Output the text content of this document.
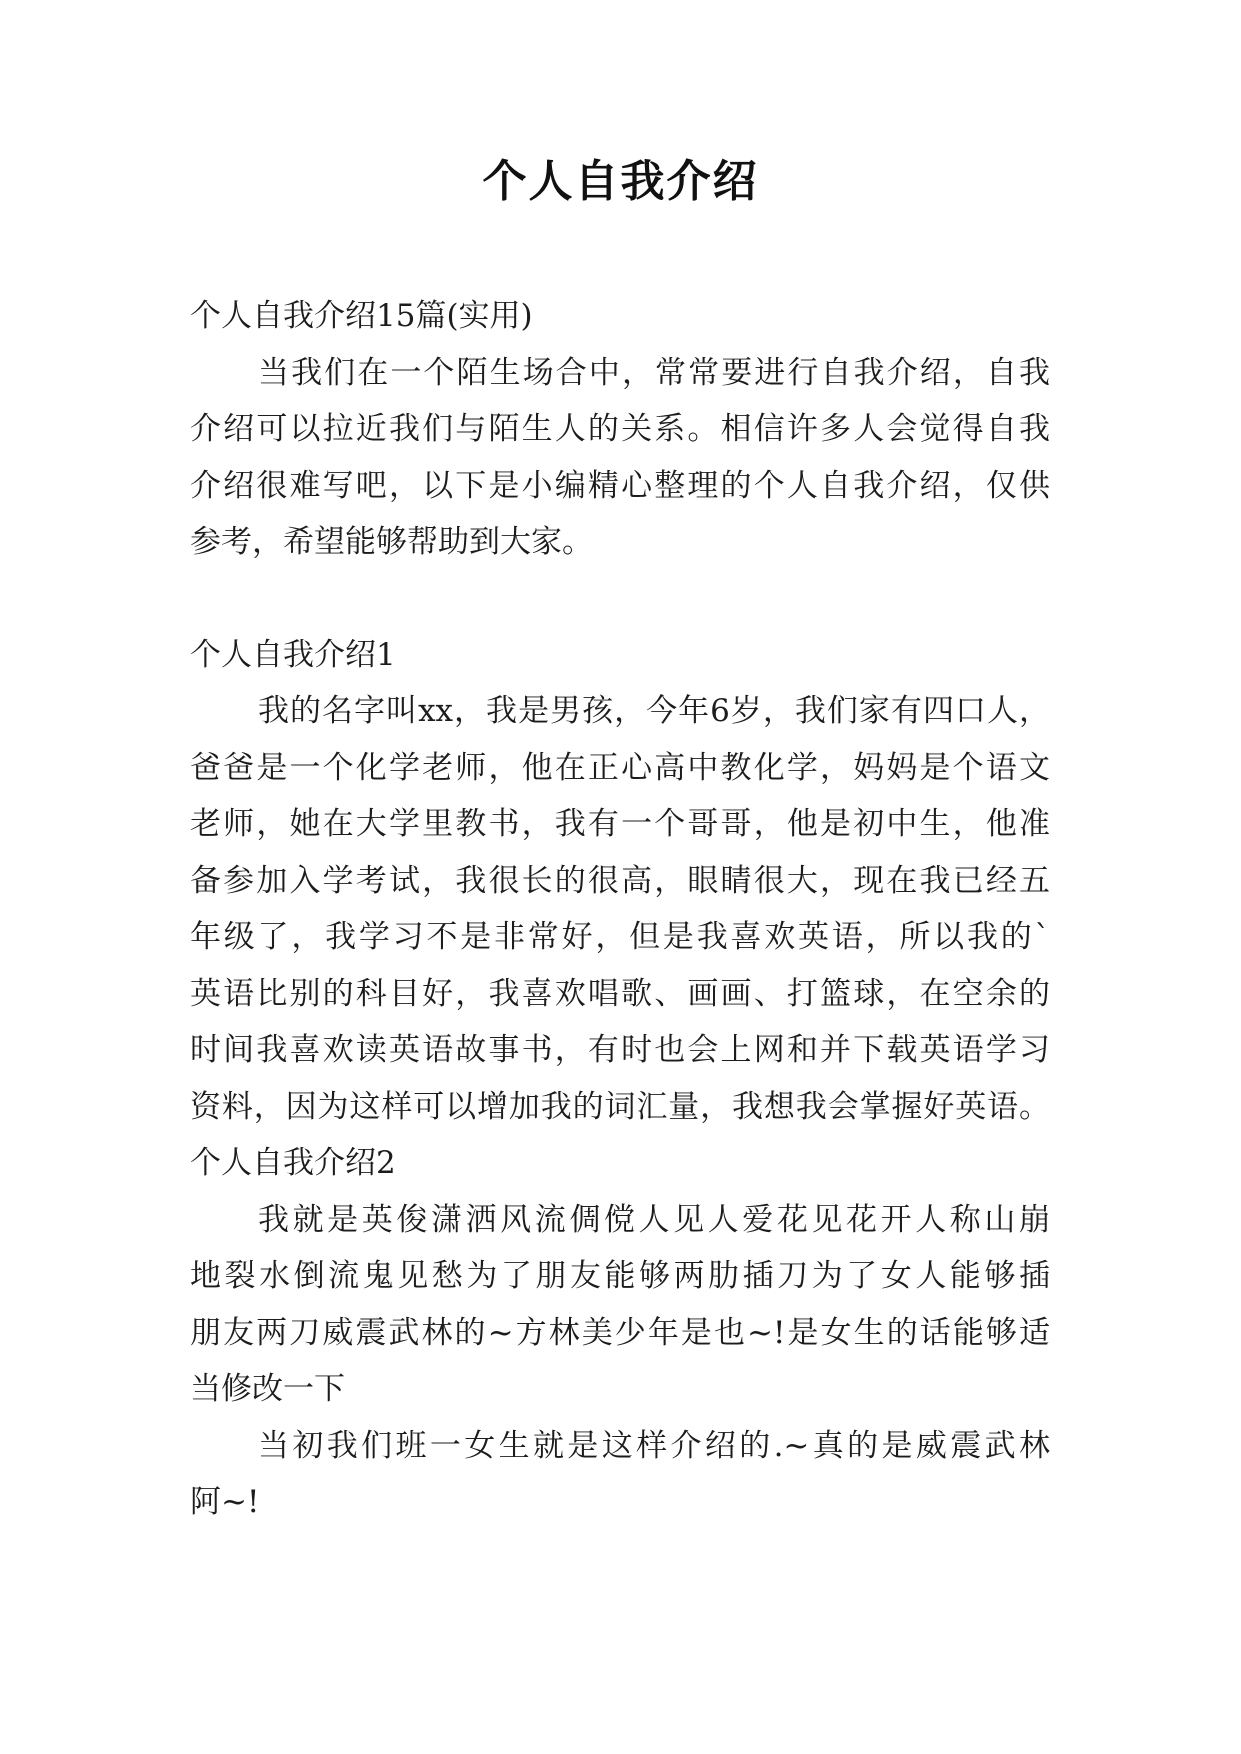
个人自我介绍
个人自我介绍15篇(实用)
当我们在一个陌生场合中，常常要进行自我介绍，自我
介绍可以拉近我们与陌生人的关系。相信许多人会觉得自我
介绍很难写吧，以下是小编精心整理的个人自我介绍，仅供
参考，希望能够帮助到大家。
个人自我介绍1
我的名字叫xx，我是男孩，今年6岁，我们家有四口人，
爸爸是一个化学老师，他在正心高中教化学，妈妈是个语文
老师，她在大学里教书，我有一个哥哥，他是初中生，他准
备参加入学考试，我很长的很高，眼睛很大，现在我已经五
年级了，我学习不是非常好，但是我喜欢英语，所以我的`
英语比别的科目好，我喜欢唱歌、画画、打篮球，在空余的
时间我喜欢读英语故事书，有时也会上网和并下载英语学习
资料，因为这样可以增加我的词汇量，我想我会掌握好英语。
个人自我介绍2
我就是英俊潇洒风流倜傥人见人爱花见花开人称山崩
地裂水倒流鬼见愁为了朋友能够两肋插刀为了女人能够插
朋友两刀威震武林的~方林美少年是也~!是女生的话能够适
当修改一下
当初我们班一女生就是这样介绍的.~真的是威震武林
阿~!
